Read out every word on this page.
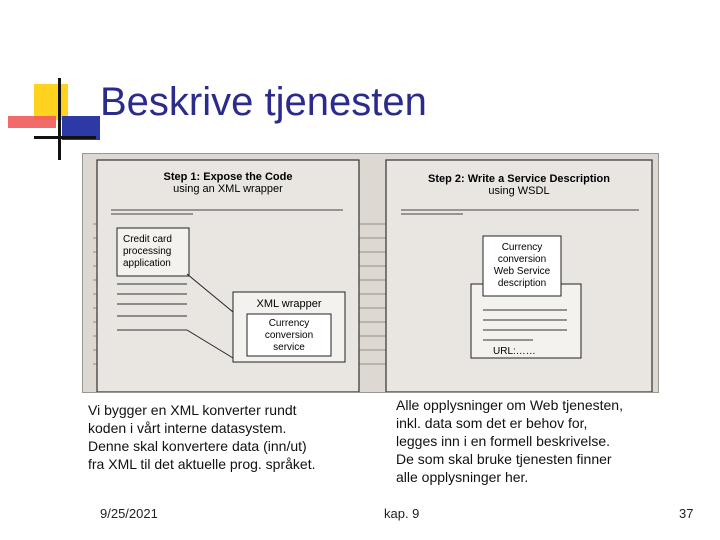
Beskrive tjenesten
Step 1: Expose the Code
using an XML wrapper
Credit card
processing
application
XML wrapper
Currency
conversion
service
Step 2: Write a Service Description
using WSDL
Currency
conversion
Web Service
description
URL:……
Vi bygger en XML konverter rundt
koden i vårt interne datasystem.
Denne skal konvertere data (inn/ut)
fra XML til det aktuelle prog. språket.
Alle opplysninger om Web tjenesten,
inkl. data som det er behov for,
legges inn i en formell beskrivelse.
De som skal bruke tjenesten finner
alle opplysninger her.
9/25/2021	kap. 9	37
